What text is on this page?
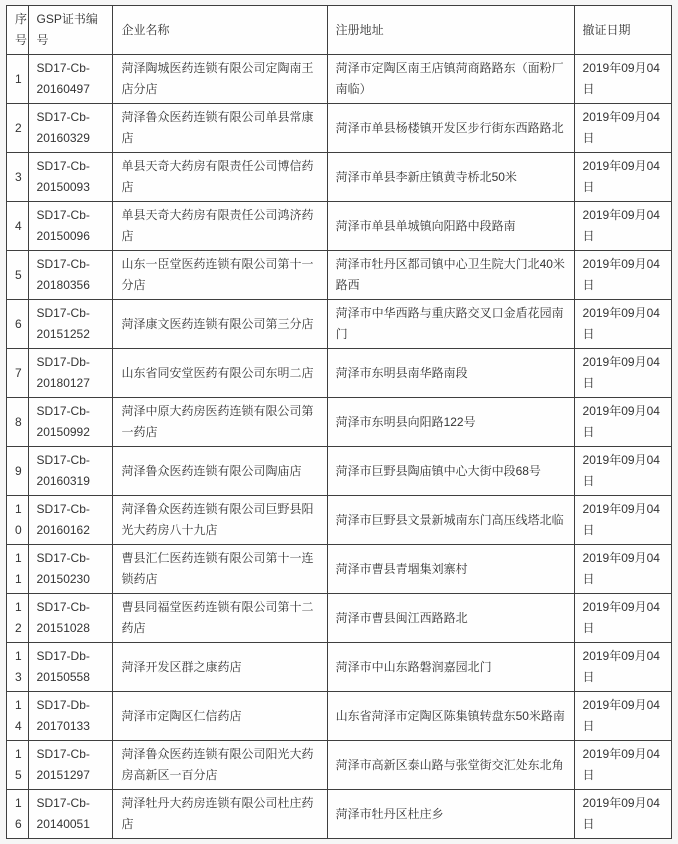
序号	GSP证书编号	企业名称	注册地址	撤证日期
1	SD17-Cb-20160497	菏泽陶城医药连锁有限公司定陶南王店分店	菏泽市定陶区南王店镇菏商路路东（面粉厂南临）	2019年09月04日
2	SD17-Cb-20160329	菏泽鲁众医药连锁有限公司单县常康店	菏泽市单县杨楼镇开发区步行街东西路路北	2019年09月04日
3	SD17-Cb-20150093	单县天奇大药房有限责任公司博信药店	菏泽市单县李新庄镇黄寺桥北50米	2019年09月04日
4	SD17-Cb-20150096	单县天奇大药房有限责任公司鸿济药店	菏泽市单县单城镇向阳路中段路南	2019年09月04日
5	SD17-Cb-20180356	山东一臣堂医药连锁有限公司第十一分店	菏泽市牡丹区都司镇中心卫生院大门北40米路西	2019年09月04日
6	SD17-Cb-20151252	菏泽康文医药连锁有限公司第三分店	菏泽市中华西路与重庆路交叉口金盾花园南门	2019年09月04日
7	SD17-Db-20180127	山东省同安堂医药有限公司东明二店	菏泽市东明县南华路南段	2019年09月04日
8	SD17-Cb-20150992	菏泽中原大药房医药连锁有限公司第一药店	菏泽市东明县向阳路122号	2019年09月04日
9	SD17-Cb-20160319	菏泽鲁众医药连锁有限公司陶庙店	菏泽市巨野县陶庙镇中心大街中段68号	2019年09月04日
10	SD17-Cb-20160162	菏泽鲁众医药连锁有限公司巨野县阳光大药房八十九店	菏泽市巨野县文景新城南东门高压线塔北临	2019年09月04日
11	SD17-Cb-20150230	曹县汇仁医药连锁有限公司第十一连锁药店	菏泽市曹县青堌集刘寨村	2019年09月04日
12	SD17-Cb-20151028	曹县同福堂医药连锁有限公司第十二药店	菏泽市曹县闽江西路路北	2019年09月04日
13	SD17-Db-20150558	菏泽开发区群之康药店	菏泽市中山东路磐润嘉园北门	2019年09月04日
14	SD17-Db-20170133	菏泽市定陶区仁信药店	山东省菏泽市定陶区陈集镇转盘东50米路南	2019年09月04日
15	SD17-Cb-20151297	菏泽鲁众医药连锁有限公司阳光大药房高新区一百分店	菏泽市高新区泰山路与张堂街交汇处东北角	2019年09月04日
16	SD17-Cb-20140051	菏泽牡丹大药房连锁有限公司杜庄药店	菏泽市牡丹区杜庄乡	2019年09月04日
